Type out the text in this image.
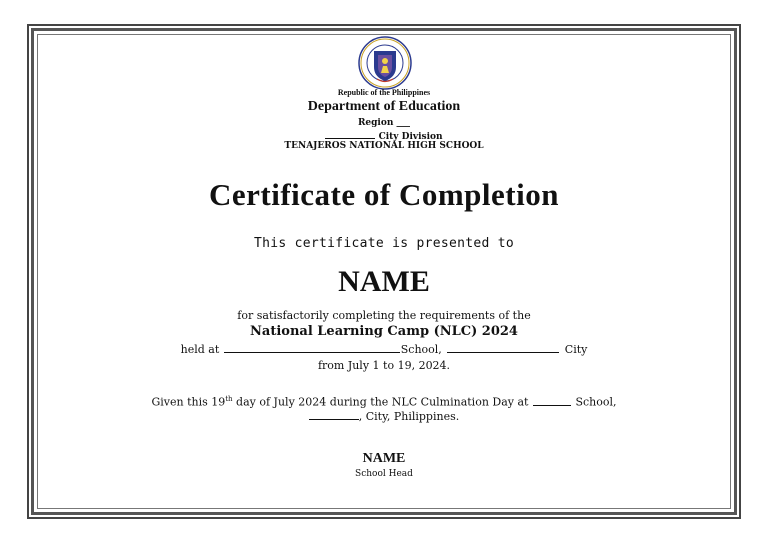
Republic of the Philippines
Department of Education
Region ___
City Division
TENAJEROS NATIONAL HIGH SCHOOL
Certificate of Completion
This certificate is presented to
NAME
for satisfactorily completing the requirements of the
National Learning Camp (NLC) 2024
held at	School,	City
from July 1 to 19, 2024.
Given this 19th day of July 2024 during the NLC Culmination Day at	School,
, City, Philippines.
NAME
School Head
